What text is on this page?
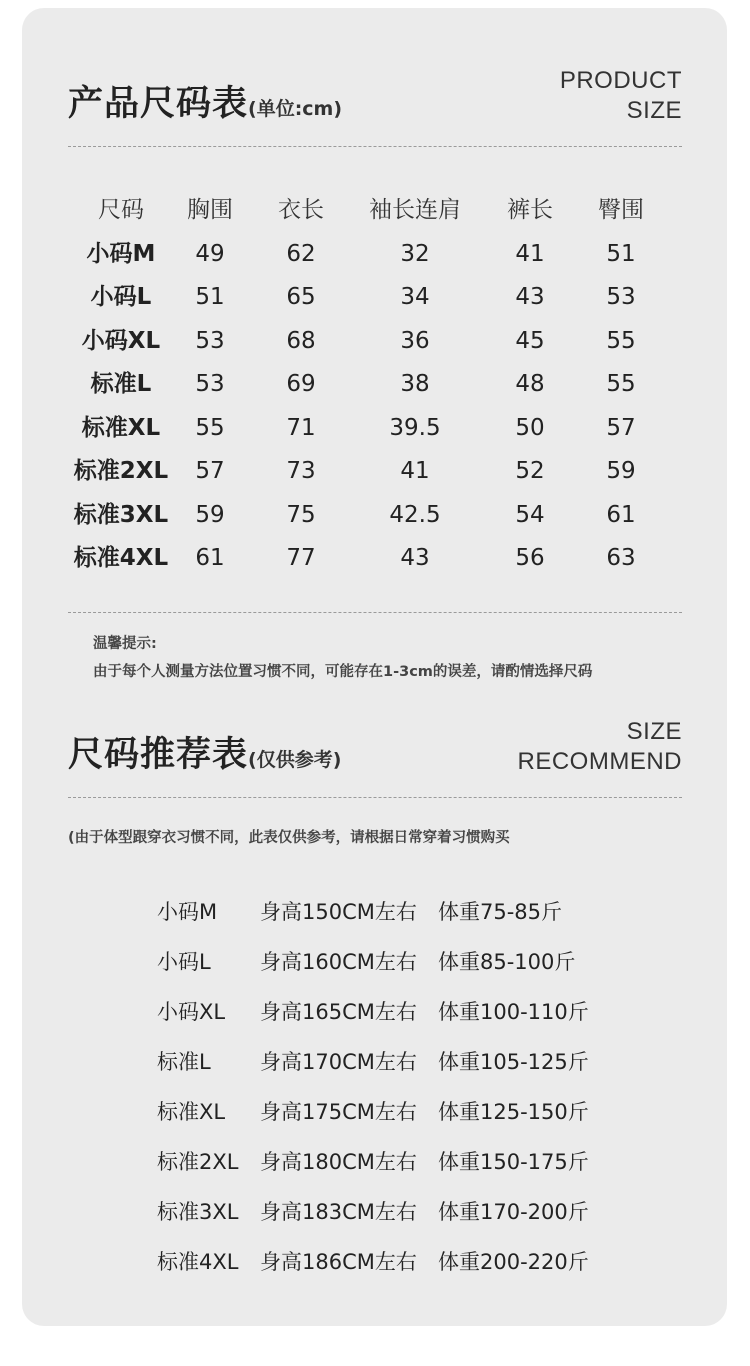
产品尺码表(单位:cm)
PRODUCT
SIZE
尺码	胸围	衣长	袖长连肩	裤长	臀围
小码M	49	62	32	41	51
小码L	51	65	34	43	53
小码XL	53	68	36	45	55
标准L	53	69	38	48	55
标准XL	55	71	39.5	50	57
标准2XL	57	73	41	52	59
标准3XL	59	75	42.5	54	61
标准4XL	61	77	43	56	63
温馨提示:
由于每个人测量方法位置习惯不同，可能存在1-3cm的误差，请酌情选择尺码
尺码推荐表(仅供参考)
SIZE
RECOMMEND
(由于体型跟穿衣习惯不同，此表仅供参考，请根据日常穿着习惯购买
小码M 身高150CM左右 体重75-85斤
小码L 身高160CM左右 体重85-100斤
小码XL 身高165CM左右 体重100-110斤
标准L 身高170CM左右 体重105-125斤
标准XL 身高175CM左右 体重125-150斤
标准2XL 身高180CM左右 体重150-175斤
标准3XL 身高183CM左右 体重170-200斤
标准4XL 身高186CM左右 体重200-220斤
